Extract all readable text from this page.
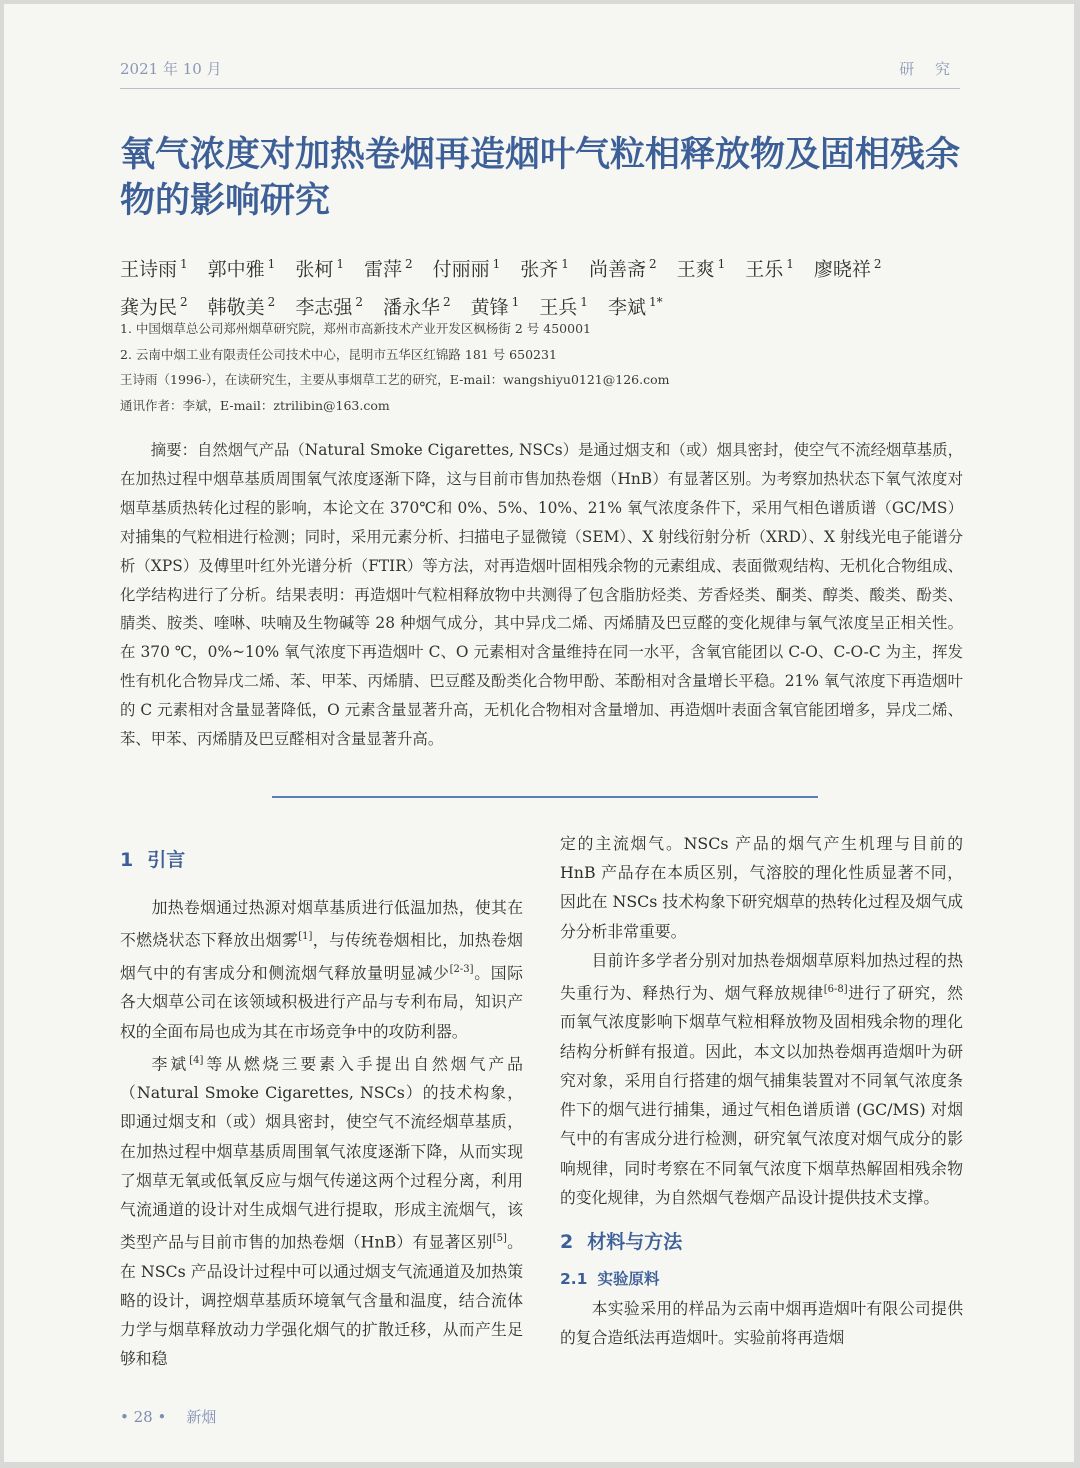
2021 年 10 月	研 究
氧气浓度对加热卷烟再造烟叶气粒相释放物及固相残余物的影响研究
王诗雨 $^1$ 郭中雅 $^1$ 张柯 $^1$ 雷萍 $^2$ 付丽丽 $^1$ 张齐 $^1$ 尚善斋 $^2$ 王爽 $^1$ 王乐 $^1$ 廖晓祥 $^2$龚为民 $^2$ 韩敬美 $^2$ 李志强 $^2$ 潘永华 $^2$ 黄锋 $^1$ 王兵 $^1$ 李斌 $^{1*}$
1. 中国烟草总公司郑州烟草研究院，郑州市高新技术产业开发区枫杨街 2 号 450001
2. 云南中烟工业有限责任公司技术中心，昆明市五华区红锦路 181 号 650231
王诗雨（1996-），在读研究生，主要从事烟草工艺的研究，E-mail：wangshiyu0121@126.com
通讯作者：李斌，E-mail：ztrilibin@163.com

摘要：自然烟气产品（Natural Smoke Cigarettes, NSCs）是通过烟支和（或）烟具密封，使空气不流经烟草基质，在加热过程中烟草基质周围氧气浓度逐渐下降，这与目前市售加热卷烟（HnB）有显著区别。为考察加热状态下氧气浓度对烟草基质热转化过程的影响，本论文在 370℃和 0%、5%、10%、21% 氧气浓度条件下，采用气相色谱质谱（GC/MS）对捕集的气粒相进行检测；同时，采用元素分析、扫描电子显微镜（SEM）、X 射线衍射分析（XRD）、X 射线光电子能谱分析（XPS）及傅里叶红外光谱分析（FTIR）等方法，对再造烟叶固相残余物的元素组成、表面微观结构、无机化合物组成、化学结构进行了分析。结果表明：再造烟叶气粒相释放物中共测得了包含脂肪烃类、芳香烃类、酮类、醇类、酸类、酚类、腈类、胺类、喹啉、呋喃及生物碱等 28 种烟气成分，其中异戊二烯、丙烯腈及巴豆醛的变化规律与氧气浓度呈正相关性。在 370 ℃，0%~10% 氧气浓度下再造烟叶 C、O 元素相对含量维持在同一水平，含氧官能团以 C-O、C-O-C 为主，挥发性有机化合物异戊二烯、苯、甲苯、丙烯腈、巴豆醛及酚类化合物甲酚、苯酚相对含量增长平稳。21% 氧气浓度下再造烟叶的 C 元素相对含量显著降低，O 元素含量显著升高，无机化合物相对含量增加、再造烟叶表面含氧官能团增多，异戊二烯、苯、甲苯、丙烯腈及巴豆醛相对含量显著升高。

1 引言

加热卷烟通过热源对烟草基质进行低温加热，使其在不燃烧状态下释放出烟雾[1]，与传统卷烟相比，加热卷烟烟气中的有害成分和侧流烟气释放量明显减少[2-3]。国际各大烟草公司在该领域积极进行产品与专利布局，知识产权的全面布局也成为其在市场竞争中的攻防利器。

李斌[4]等从燃烧三要素入手提出自然烟气产品（Natural Smoke Cigarettes, NSCs）的技术构象，即通过烟支和（或）烟具密封，使空气不流经烟草基质，在加热过程中烟草基质周围氧气浓度逐渐下降，从而实现了烟草无氧或低氧反应与烟气传递这两个过程分离，利用气流通道的设计对生成烟气进行提取，形成主流烟气，该类型产品与目前市售的加热卷烟（HnB）有显著区别[5]。在 NSCs 产品设计过程中可以通过烟支气流通道及加热策略的设计，调控烟草基质环境氧气含量和温度，结合流体力学与烟草释放动力学强化烟气的扩散迁移，从而产生足够和稳

定的主流烟气。NSCs 产品的烟气产生机理与目前的 HnB 产品存在本质区别，气溶胶的理化性质显著不同，因此在 NSCs 技术构象下研究烟草的热转化过程及烟气成分分析非常重要。

目前许多学者分别对加热卷烟烟草原料加热过程的热失重行为、释热行为、烟气释放规律[6-8]进行了研究，然而氧气浓度影响下烟草气粒相释放物及固相残余物的理化结构分析鲜有报道。因此，本文以加热卷烟再造烟叶为研究对象，采用自行搭建的烟气捕集装置对不同氧气浓度条件下的烟气进行捕集，通过气相色谱质谱 (GC/MS) 对烟气中的有害成分进行检测，研究氧气浓度对烟气成分的影响规律，同时考察在不同氧气浓度下烟草热解固相残余物的变化规律，为自然烟气卷烟产品设计提供技术支撑。

2 材料与方法
2.1 实验原料

本实验采用的样品为云南中烟再造烟叶有限公司提供的复合造纸法再造烟叶。实验前将再造烟

• 28 • 新烟
